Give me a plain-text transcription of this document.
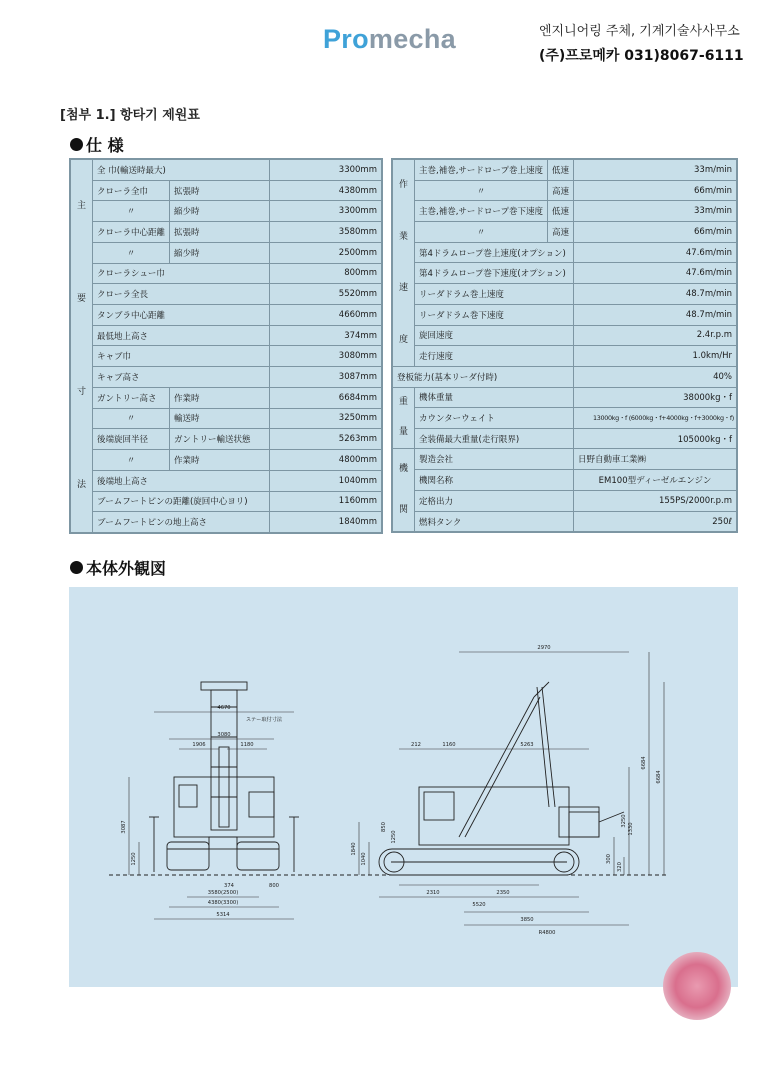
Promecha	엔지니어링 주체, 기계기술사사무소
(주)프로메카 031)8067-6111
[첨부 1.] 항타기 제원표
仕 様
主
要
寸
法	全 巾(輸送時最大)		3300mm
	クローラ全巾	拡張時	4380mm
	〃	縮少時	3300mm
	クローラ中心距離	拡張時	3580mm
	〃	縮少時	2500mm
	クローラシュー巾		800mm
	クローラ全長		5520mm
	タンブラ中心距離		4660mm
	最低地上高さ		374mm
	キャブ巾		3080mm
	キャブ高さ		3087mm
	ガントリー高さ	作業時	6684mm
	〃	輸送時	3250mm
	後端旋回半径	ガントリー輸送状態	5263mm
	〃	作業時	4800mm
	後端地上高さ		1040mm
	ブームフートピンの距離(旋回中心ヨリ)		1160mm
	ブームフートピンの地上高さ		1840mm
作
業
速
度	主巻,補巻,サードロープ巻上速度	低速	33m/min
	〃	高速	66m/min
	主巻,補巻,サードロープ巻下速度	低速	33m/min
	〃	高速	66m/min
	第4ドラムロープ巻上速度(オプション)		47.6m/min
	第4ドラムロープ巻下速度(オプション)		47.6m/min
	リーダドラム巻上速度		48.7m/min
	リーダドラム巻下速度		48.7m/min
	旋回速度		2.4r.p.m
	走行速度		1.0km/Hr
登板能力(基本リーダ付時)			40%

重
量	機体重量		38000kg・f
	カウンターウェイト		13000kg・f (6000kg・f+4000kg・f+3000kg・f)
	全装備最大重量(走行限界)		105000kg・f

機
関	製造会社		日野自動車工業㈱
	機関名称		EM100型ディーゼルエンジン
	定格出力		155PS/2000r.p.m
	燃料タンク		250ℓ
本体外観図
4670
3080
1906	1180
3580(2500)
4380(3300)
5314
3087
1250
374	800
ステー取付寸法
2970
212	1160	5263
2310	2350
5520
3850
R4800
6684
6684
3250
1840
1330
1040
320
300
850
1250
